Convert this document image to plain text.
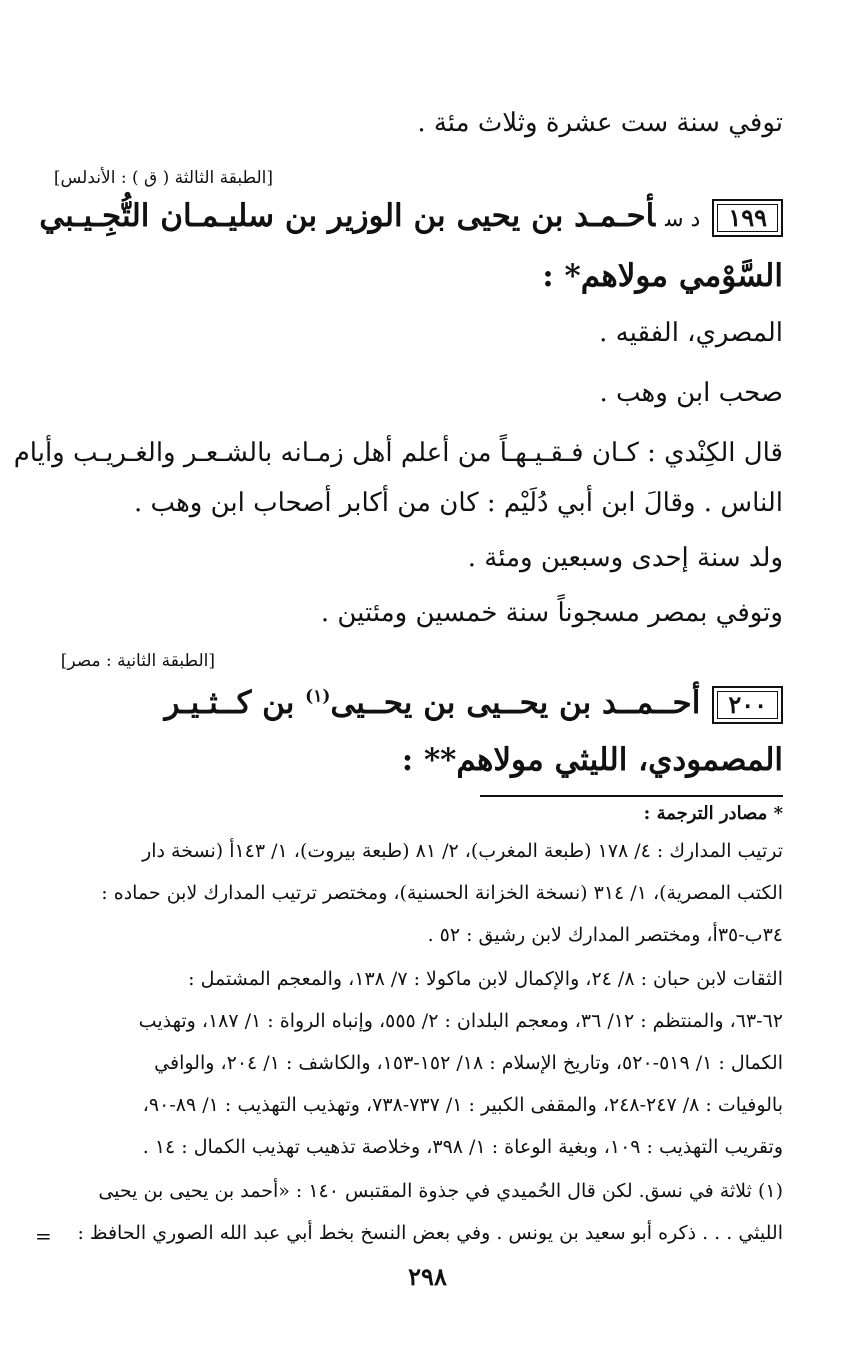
توفي سنة ست عشرة وثلاث مئة .
[الطبقة الثالثة ( ق ) : الأندلس]
١٩٩د سأحـمـد بن يحيى بن الوزير بن سليـمـان التُّجِـيـبي
السَّوْمي مولاهم* :
المصري، الفقيه .
صحب ابن وهب .
قال الكِنْدي : كـان فـقـيـهـاً من أعلم أهل زمـانه بالشـعـر والغـريـب وأيام
الناس . وقالَ ابن أبي دُلَيْم : كان من أكابر أصحاب ابن وهب .
ولد سنة إحدى وسبعين ومئة .
وتوفي بمصر مسجوناً سنة خمسين ومئتين .
[الطبقة الثانية : مصر]
٢٠٠أحــمــد بن يحــيى بن يحــيى$^{(١)}$ بن كــثـيـر
المصمودي، الليثي مولاهم** :
* مصادر الترجمة :
ترتيب المدارك : ٤/ ١٧٨ (طبعة المغرب)، ٢/ ٨١ (طبعة بيروت)، ١/ ١٤٣أ (نسخة دار
الكتب المصرية)، ١/ ٣١٤ (نسخة الخزانة الحسنية)، ومختصر ترتيب المدارك لابن حماده :
٣٤ب-٣٥أ، ومختصر المدارك لابن رشيق : ٥٢ .
الثقات لابن حبان : ٨/ ٢٤، والإكمال لابن ماكولا : ٧/ ١٣٨، والمعجم المشتمل :
٦٢-٦٣، والمنتظم : ١٢/ ٣٦، ومعجم البلدان : ٢/ ٥٥٥، وإنباه الرواة : ١/ ١٨٧، وتهذيب
الكمال : ١/ ٥١٩-٥٢٠، وتاريخ الإسلام : ١٨/ ١٥٢-١٥٣، والكاشف : ١/ ٢٠٤، والوافي
بالوفيات : ٨/ ٢٤٧-٢٤٨، والمقفى الكبير : ١/ ٧٣٧-٧٣٨، وتهذيب التهذيب : ١/ ٨٩-٩٠،
وتقريب التهذيب : ١٠٩، وبغية الوعاة : ١/ ٣٩٨، وخلاصة تذهيب تهذيب الكمال : ١٤ .
(١) ثلاثة في نسق. لكن قال الحُميدي في جذوة المقتبس ١٤٠ : «أحمد بن يحيى بن يحيى
الليثي . . . ذكره أبو سعيد بن يونس . وفي بعض النسخ بخط أبي عبد الله الصوري الحافظ :
=
٢٩٨
